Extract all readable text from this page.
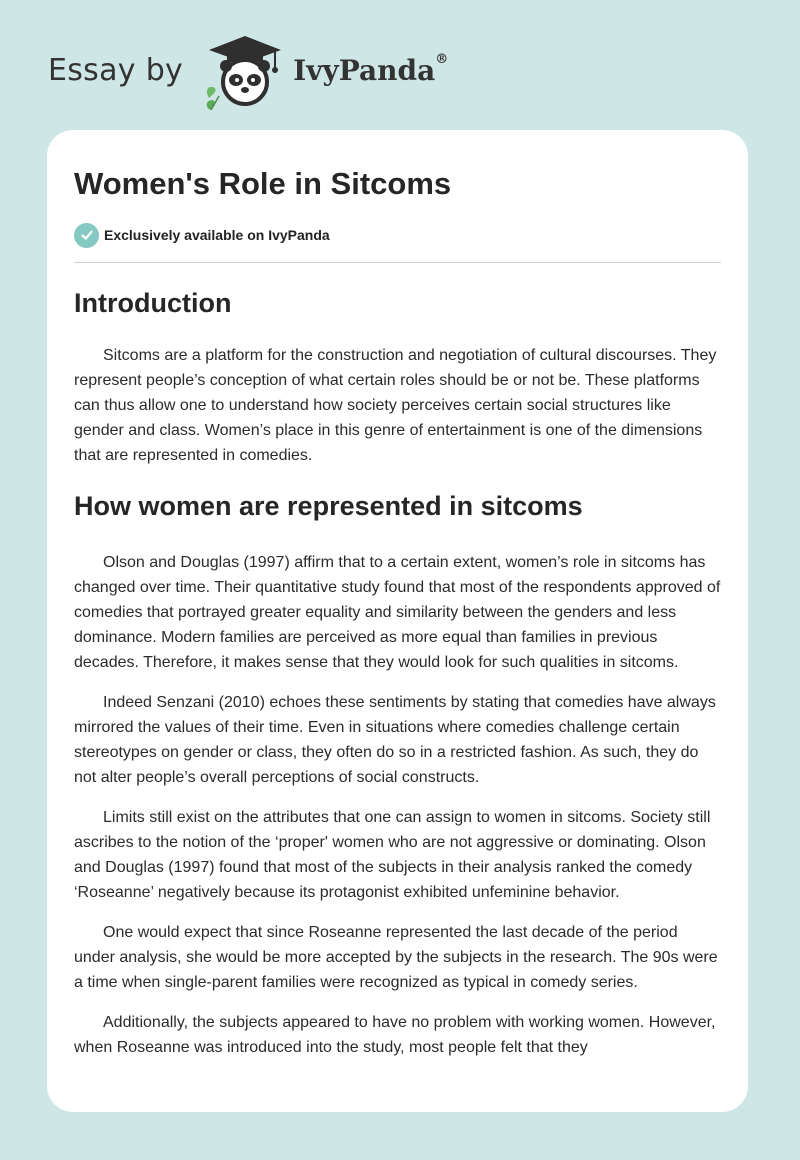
Essay by	IvyPanda®
Women's Role in Sitcoms
Exclusively available on IvyPanda
Introduction

Sitcoms are a platform for the construction and negotiation of cultural discourses. They represent people’s conception of what certain roles should be or not be. These platforms can thus allow one to understand how society perceives certain social structures like gender and class. Women’s place in this genre of entertainment is one of the dimensions that are represented in comedies.

How women are represented in sitcoms

Olson and Douglas (1997) affirm that to a certain extent, women’s role in sitcoms has changed over time. Their quantitative study found that most of the respondents approved of comedies that portrayed greater equality and similarity between the genders and less dominance. Modern families are perceived as more equal than families in previous decades. Therefore, it makes sense that they would look for such qualities in sitcoms.

Indeed Senzani (2010) echoes these sentiments by stating that comedies have always mirrored the values of their time. Even in situations where comedies challenge certain stereotypes on gender or class, they often do so in a restricted fashion. As such, they do not alter people’s overall perceptions of social constructs.

Limits still exist on the attributes that one can assign to women in sitcoms. Society still ascribes to the notion of the ‘proper' women who are not aggressive or dominating. Olson and Douglas (1997) found that most of the subjects in their analysis ranked the comedy ‘Roseanne’ negatively because its protagonist exhibited unfeminine behavior.

One would expect that since Roseanne represented the last decade of the period under analysis, she would be more accepted by the subjects in the research. The 90s were a time when single-parent families were recognized as typical in comedy series.

Additionally, the subjects appeared to have no problem with working women. However, when Roseanne was introduced into the study, most people felt that they
